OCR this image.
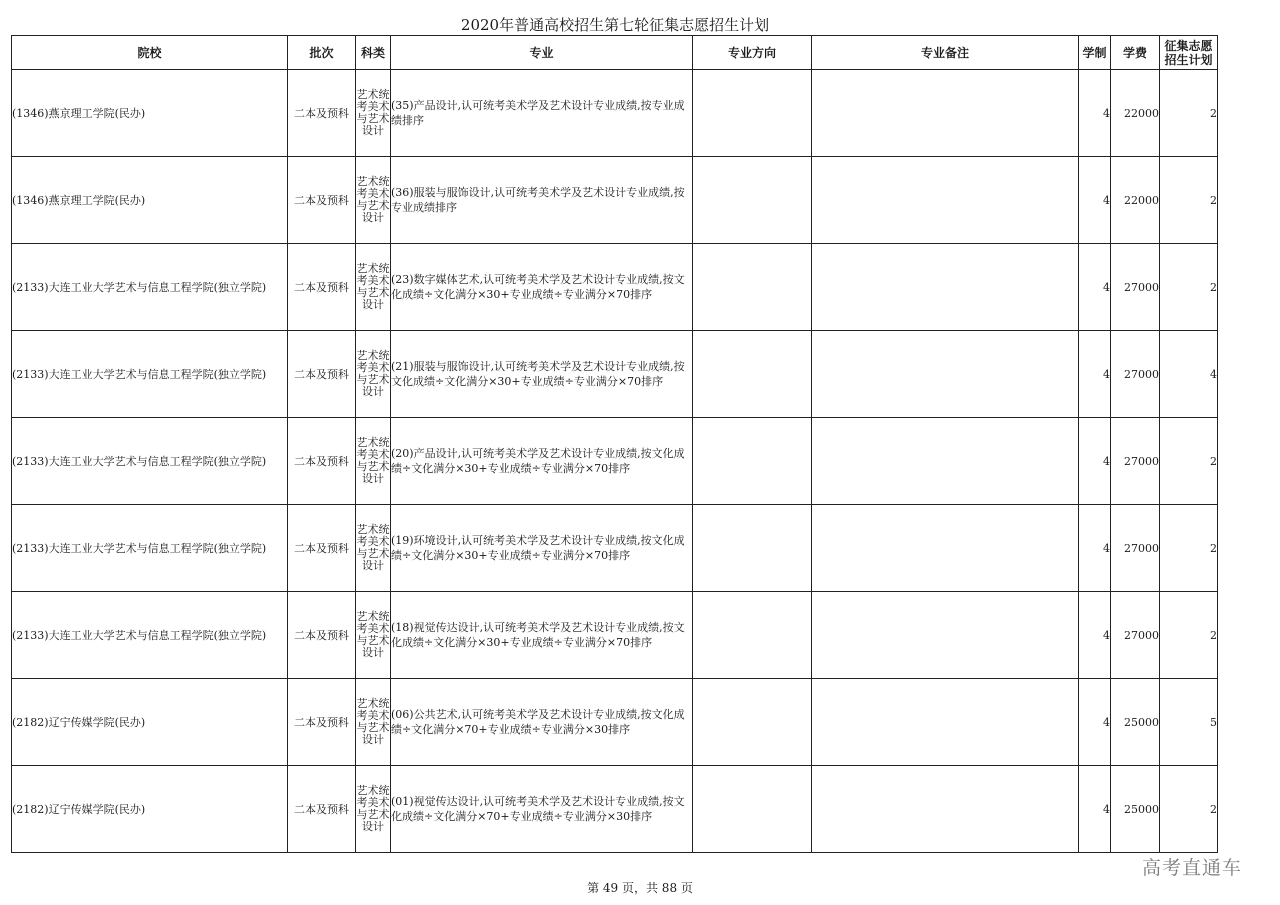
2020年普通高校招生第七轮征集志愿招生计划
院校	批次	科类	专业	专业方向	专业备注	学制	学费	征集志愿招生计划
(1346)燕京理工学院(民办)	二本及预科	艺术统考美术与艺术设计	(35)产品设计,认可统考美术学及艺术设计专业成绩,按专业成绩排序			4	22000	2
(1346)燕京理工学院(民办)	二本及预科	艺术统考美术与艺术设计	(36)服装与服饰设计,认可统考美术学及艺术设计专业成绩,按专业成绩排序			4	22000	2
(2133)大连工业大学艺术与信息工程学院(独立学院)	二本及预科	艺术统考美术与艺术设计	(23)数字媒体艺术,认可统考美术学及艺术设计专业成绩,按文化成绩÷文化满分×30+专业成绩÷专业满分×70排序			4	27000	2
(2133)大连工业大学艺术与信息工程学院(独立学院)	二本及预科	艺术统考美术与艺术设计	(21)服装与服饰设计,认可统考美术学及艺术设计专业成绩,按文化成绩÷文化满分×30+专业成绩÷专业满分×70排序			4	27000	4
(2133)大连工业大学艺术与信息工程学院(独立学院)	二本及预科	艺术统考美术与艺术设计	(20)产品设计,认可统考美术学及艺术设计专业成绩,按文化成绩÷文化满分×30+专业成绩÷专业满分×70排序			4	27000	2
(2133)大连工业大学艺术与信息工程学院(独立学院)	二本及预科	艺术统考美术与艺术设计	(19)环境设计,认可统考美术学及艺术设计专业成绩,按文化成绩÷文化满分×30+专业成绩÷专业满分×70排序			4	27000	2
(2133)大连工业大学艺术与信息工程学院(独立学院)	二本及预科	艺术统考美术与艺术设计	(18)视觉传达设计,认可统考美术学及艺术设计专业成绩,按文化成绩÷文化满分×30+专业成绩÷专业满分×70排序			4	27000	2
(2182)辽宁传媒学院(民办)	二本及预科	艺术统考美术与艺术设计	(06)公共艺术,认可统考美术学及艺术设计专业成绩,按文化成绩÷文化满分×70+专业成绩÷专业满分×30排序			4	25000	5
(2182)辽宁传媒学院(民办)	二本及预科	艺术统考美术与艺术设计	(01)视觉传达设计,认可统考美术学及艺术设计专业成绩,按文化成绩÷文化满分×70+专业成绩÷专业满分×30排序			4	25000	2
高考直通车
第 49 页，共 88 页
